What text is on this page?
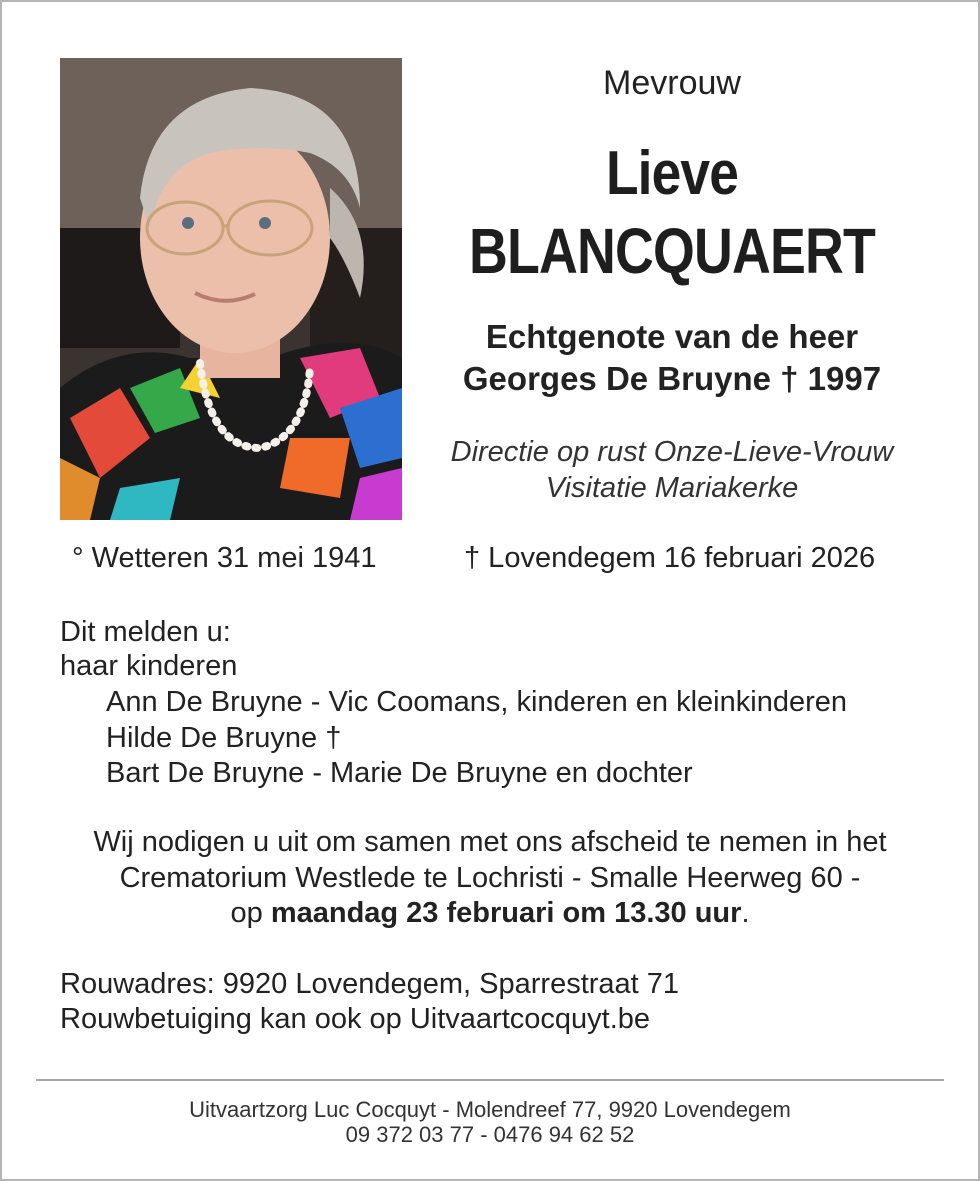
Mevrouw
Lieve
BLANCQUAERT
Echtgenote van de heer
Georges De Bruyne † 1997
Directie op rust Onze-Lieve-Vrouw
Visitatie Mariakerke
° Wetteren 31 mei 1941	† Lovendegem 16 februari 2026
Dit melden u:
haar kinderen
Ann De Bruyne - Vic Coomans, kinderen en kleinkinderen
Hilde De Bruyne †
Bart De Bruyne - Marie De Bruyne en dochter
Wij nodigen u uit om samen met ons afscheid te nemen in het
Crematorium Westlede te Lochristi - Smalle Heerweg 60 -
op maandag 23 februari om 13.30 uur.
Rouwadres: 9920 Lovendegem, Sparrestraat 71
Rouwbetuiging kan ook op Uitvaartcocquyt.be
Uitvaartzorg Luc Cocquyt - Molendreef 77, 9920 Lovendegem
09 372 03 77 - 0476 94 62 52
